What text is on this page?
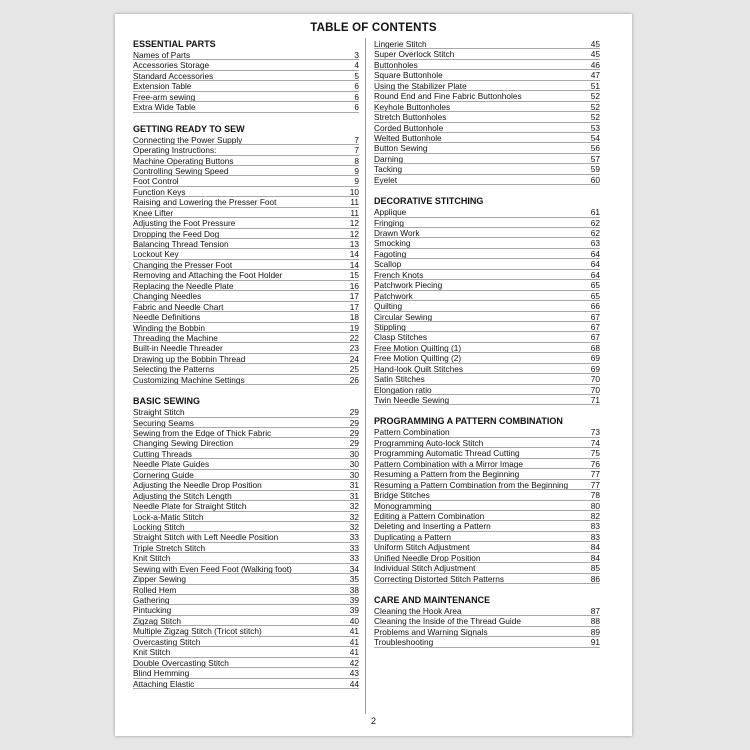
TABLE OF CONTENTS
ESSENTIAL PARTS
Names of Parts	3
Accessories Storage	4
Standard Accessories	5
Extension Table	6
Free-arm sewing	6
Extra Wide Table	6
GETTING READY TO SEW
Connecting the Power Supply	7
Operating Instructions:	7
Machine Operating Buttons	8
Controlling Sewing Speed	9
Foot Control	9
Function Keys	10
Raising and Lowering the Presser Foot	11
Knee Lifter	11
Adjusting the Foot Pressure	12
Dropping the Feed Dog	12
Balancing Thread Tension	13
Lockout Key	14
Changing the Presser Foot	14
Removing and Attaching the Foot Holder	15
Replacing the Needle Plate	16
Changing Needles	17
Fabric and Needle Chart	17
Needle Definitions	18
Winding the Bobbin	19
Threading the Machine	22
Built-in Needle Threader	23
Drawing up the Bobbin Thread	24
Selecting the Patterns	25
Customizing Machine Settings	26
BASIC SEWING
Straight Stitch	29
Securing Seams	29
Sewing from the Edge of Thick Fabric	29
Changing Sewing Direction	29
Cutting Threads	30
Needle Plate Guides	30
Cornering Guide	30
Adjusting the Needle Drop Position	31
Adjusting the Stitch Length	31
Needle Plate for Straight Stitch	32
Lock-a-Matic Stitch	32
Locking Stitch	32
Straight Stitch with Left Needle Position	33
Triple Stretch Stitch	33
Knit Stitch	33
Sewing with Even Feed Foot (Walking foot)	34
Zipper Sewing	35
Rolled Hem	38
Gathering	39
Pintucking	39
Zigzag Stitch	40
Multiple Zigzag Stitch (Tricot stitch)	41
Overcasting Stitch	41
Knit Stitch	41
Double Overcasting Stitch	42
Blind Hemming	43
Attaching Elastic	44
Lingerie Stitch	45
Super Overlock Stitch	45
Buttonholes	46
Square Buttonhole	47
Using the Stabilizer Plate	51
Round End and Fine Fabric Buttonholes	52
Keyhole Buttonholes	52
Stretch Buttonholes	52
Corded Buttonhole	53
Welted Buttonhole	54
Button Sewing	56
Darning	57
Tacking	59
Eyelet	60
DECORATIVE STITCHING
Applique	61
Fringing	62
Drawn Work	62
Smocking	63
Fagoting	64
Scallop	64
French Knots	64
Patchwork Piecing	65
Patchwork	65
Quilting	66
Circular Sewing	67
Stippling	67
Clasp Stitches	67
Free Motion Quilting (1)	68
Free Motion Quilting (2)	69
Hand-look Quilt Stitches	69
Satin Stitches	70
Elongation ratio	70
Twin Needle Sewing	71
PROGRAMMING A PATTERN COMBINATION
Pattern Combination	73
Programming Auto-lock Stitch	74
Programming Automatic Thread Cutting	75
Pattern Combination with a Mirror Image	76
Resuming a Pattern from the Beginning	77
Resuming a Pattern Combination from the Beginning	77
Bridge Stitches	78
Monogramming	80
Editing a Pattern Combination	82
Deleting and Inserting a Pattern	83
Duplicating a Pattern	83
Uniform Stitch Adjustment	84
Unified Needle Drop Position	84
Individual Stitch Adjustment	85
Correcting Distorted Stitch Patterns	86
CARE AND MAINTENANCE
Cleaning the Hook Area	87
Cleaning the Inside of the Thread Guide	88
Problems and Warning Signals	89
Troubleshooting	91
2
